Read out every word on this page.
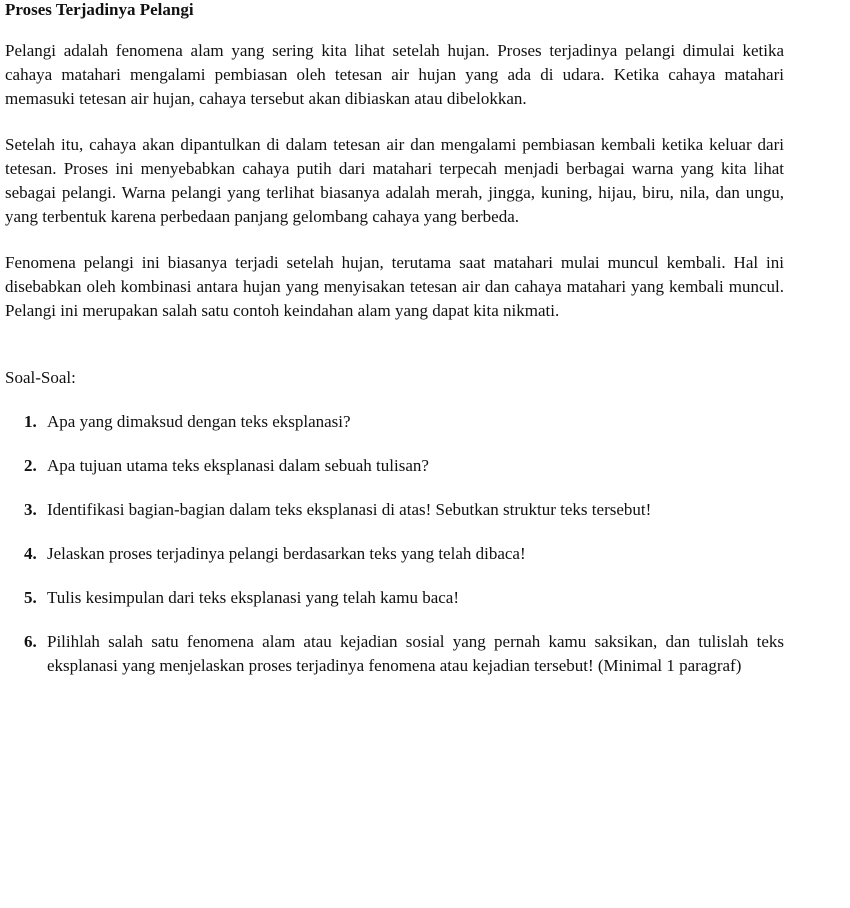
Proses Terjadinya Pelangi

Pelangi adalah fenomena alam yang sering kita lihat setelah hujan. Proses terjadinya pelangi dimulai ketika cahaya matahari mengalami pembiasan oleh tetesan air hujan yang ada di udara. Ketika cahaya matahari memasuki tetesan air hujan, cahaya tersebut akan dibiaskan atau dibelokkan.

Setelah itu, cahaya akan dipantulkan di dalam tetesan air dan mengalami pembiasan kembali ketika keluar dari tetesan. Proses ini menyebabkan cahaya putih dari matahari terpecah menjadi berbagai warna yang kita lihat sebagai pelangi. Warna pelangi yang terlihat biasanya adalah merah, jingga, kuning, hijau, biru, nila, dan ungu, yang terbentuk karena perbedaan panjang gelombang cahaya yang berbeda.

Fenomena pelangi ini biasanya terjadi setelah hujan, terutama saat matahari mulai muncul kembali. Hal ini disebabkan oleh kombinasi antara hujan yang menyisakan tetesan air dan cahaya matahari yang kembali muncul. Pelangi ini merupakan salah satu contoh keindahan alam yang dapat kita nikmati.

Soal-Soal:

1. Apa yang dimaksud dengan teks eksplanasi?
2. Apa tujuan utama teks eksplanasi dalam sebuah tulisan?
3. Identifikasi bagian-bagian dalam teks eksplanasi di atas! Sebutkan struktur teks tersebut!
4. Jelaskan proses terjadinya pelangi berdasarkan teks yang telah dibaca!
5. Tulis kesimpulan dari teks eksplanasi yang telah kamu baca!
6. Pilihlah salah satu fenomena alam atau kejadian sosial yang pernah kamu saksikan, dan tulislah teks eksplanasi yang menjelaskan proses terjadinya fenomena atau kejadian tersebut! (Minimal 1 paragraf)
